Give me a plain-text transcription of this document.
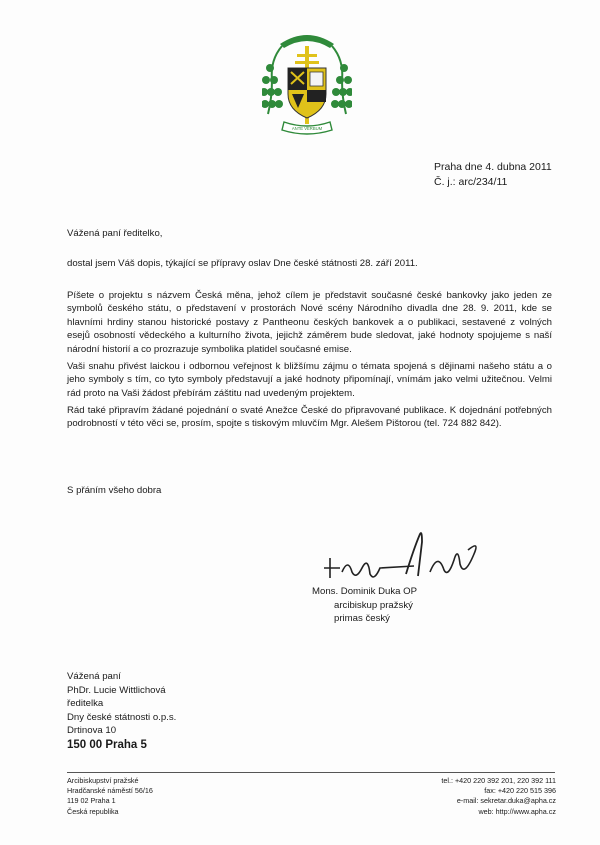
ANTE VERBUM
Praha dne 4. dubna 2011
Č. j.: arc/234/11

Vážená paní ředitelko,

dostal jsem Váš dopis, týkající se přípravy oslav Dne české státnosti 28. září 2011.

Píšete o projektu s názvem Česká měna, jehož cílem je představit současné české bankovky jako jeden ze symbolů českého státu, o představení v prostorách Nové scény Národního divadla dne 28. 9. 2011, kde se hlavními hrdiny stanou historické postavy z Pantheonu českých bankovek a o publikaci, sestavené z volných esejů osobností vědeckého a kulturního života, jejichž záměrem bude sledovat, jaké hodnoty spojujeme s naší národní historií a co prozrazuje symbolika platidel současné emise.

Vaši snahu přivést laickou i odbornou veřejnost k bližšímu zájmu o témata spojená s dějinami našeho státu a o jeho symboly s tím, co tyto symboly představují a jaké hodnoty připomínají, vnímám jako velmi užitečnou. Velmi rád proto na Vaši žádost přebírám záštitu nad uvedeným projektem.

Rád také připravím žádané pojednání o svaté Anežce České do připravované publikace. K dojednání potřebných podrobností v této věci se, prosím, spojte s tiskovým mluvčím Mgr. Alešem Pištorou (tel. 724 882 842).

S přáním všeho dobra

Mons. Dominik Duka OP
arcibiskup pražský
primas český
Vážená paní
PhDr. Lucie Wittlichová
ředitelka
Dny české státnosti o.p.s.
Drtinova 10
150 00 Praha 5
Arcibiskupství pražské
Hradčanské náměstí 56/16
119 02 Praha 1
Česká republika
tel.: +420 220 392 201, 220 392 111
fax: +420 220 515 396
e-mail: sekretar.duka@apha.cz
web: http://www.apha.cz
